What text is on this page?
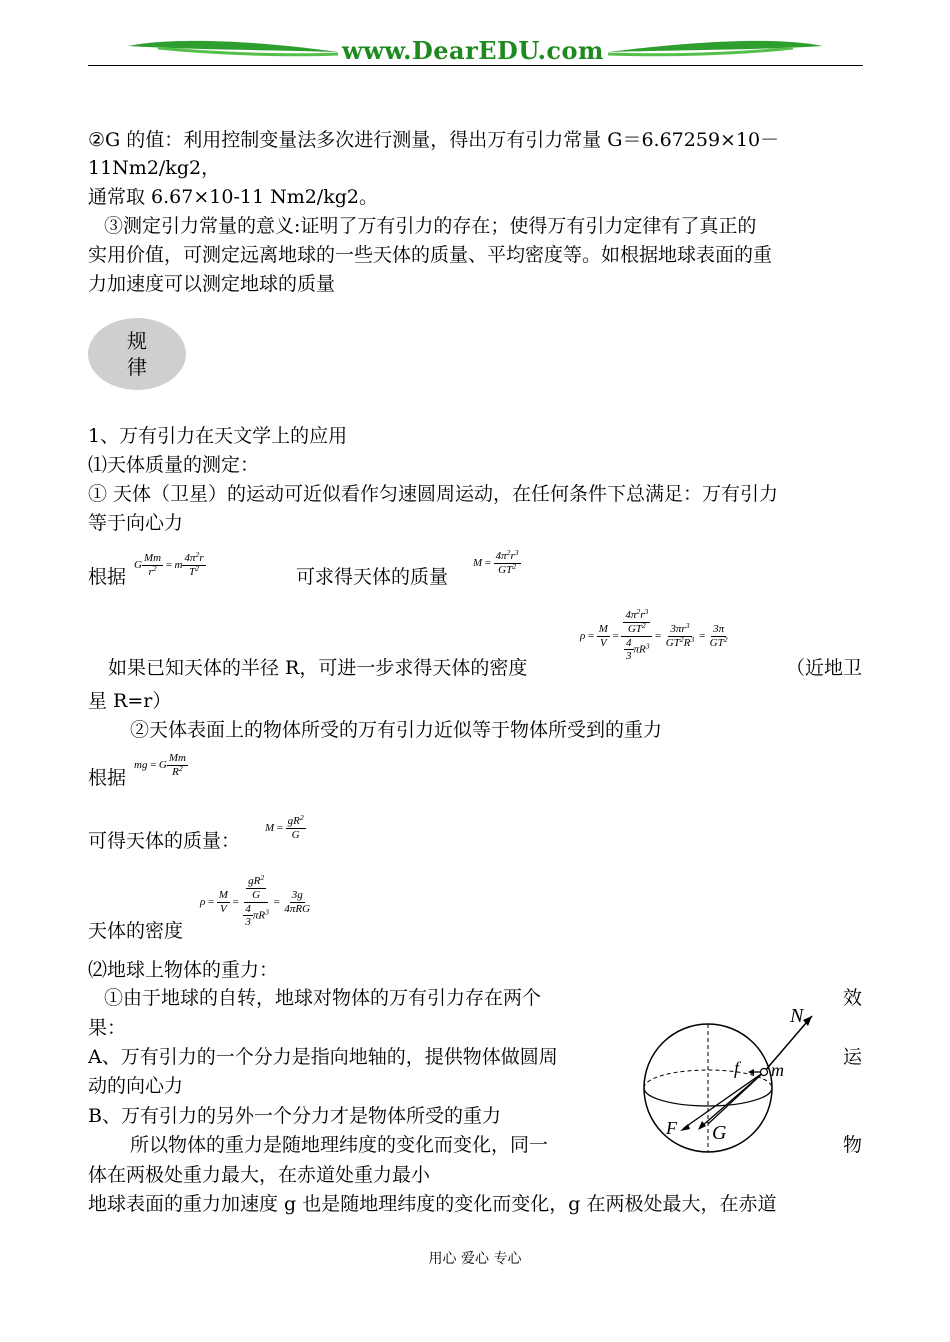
www.DearEDU.com
②G 的值：利用控制变量法多次进行测量，得出万有引力常量 G＝6.67259×10－
11Nm2/kg2，
通常取 6.67×10-11 Nm2/kg2。
③测定引力常量的意义:证明了万有引力的存在；使得万有引力定律有了真正的
实用价值，可测定远离地球的一些天体的质量、平均密度等。如根据地球表面的重
力加速度可以测定地球的质量
规
律
1、万有引力在天文学上的应用
⑴天体质量的测定：
① 天体（卫星）的运动可近似看作匀速圆周运动，在任何条件下总满足：万有引力
等于向心力
根据
G $\frac{Mm}{r^2} = m \frac{4\pi^2r}{T^2}$	可求得天体的质量
$M = \frac{4\pi^2r^3}{GT^2}$
$\rho = \frac{M}{V} = \frac{\frac{4\pi^2r^3}{GT^2}}{\frac{4}{3} \pi R^3} = \frac{3\pi r^3}{GT^2R^3} = \frac{3\pi}{GT^2}$
如果已知天体的半径 R，可进一步求得天体的密度	（近地卫
星 R=r）
②天体表面上的物体所受的万有引力近似等于物体所受到的重力
根据
mg = G $\frac{Mm}{R^2}$
可得天体的质量：
$M = \frac{gR^2}{G}$
$\rho = \frac{M}{V} = \frac{\frac{gR^2}{G}}{\frac{4}{3} \pi R^3} = \frac{3g}{\text{4πRG}}$
天体的密度
⑵地球上物体的重力：
①由于地球的自转，地球对物体的万有引力存在两个	效
果：
A、万有引力的一个分力是指向地轴的，提供物体做圆周	运
动的向心力
B、万有引力的另外一个分力才是物体所受的重力
所以物体的重力是随地理纬度的变化而变化，同一	物
体在两极处重力最大，在赤道处重力最小
地球表面的重力加速度 g 也是随地理纬度的变化而变化，g 在两极处最大，在赤道
N
f m
F G
用心 爱心 专心
